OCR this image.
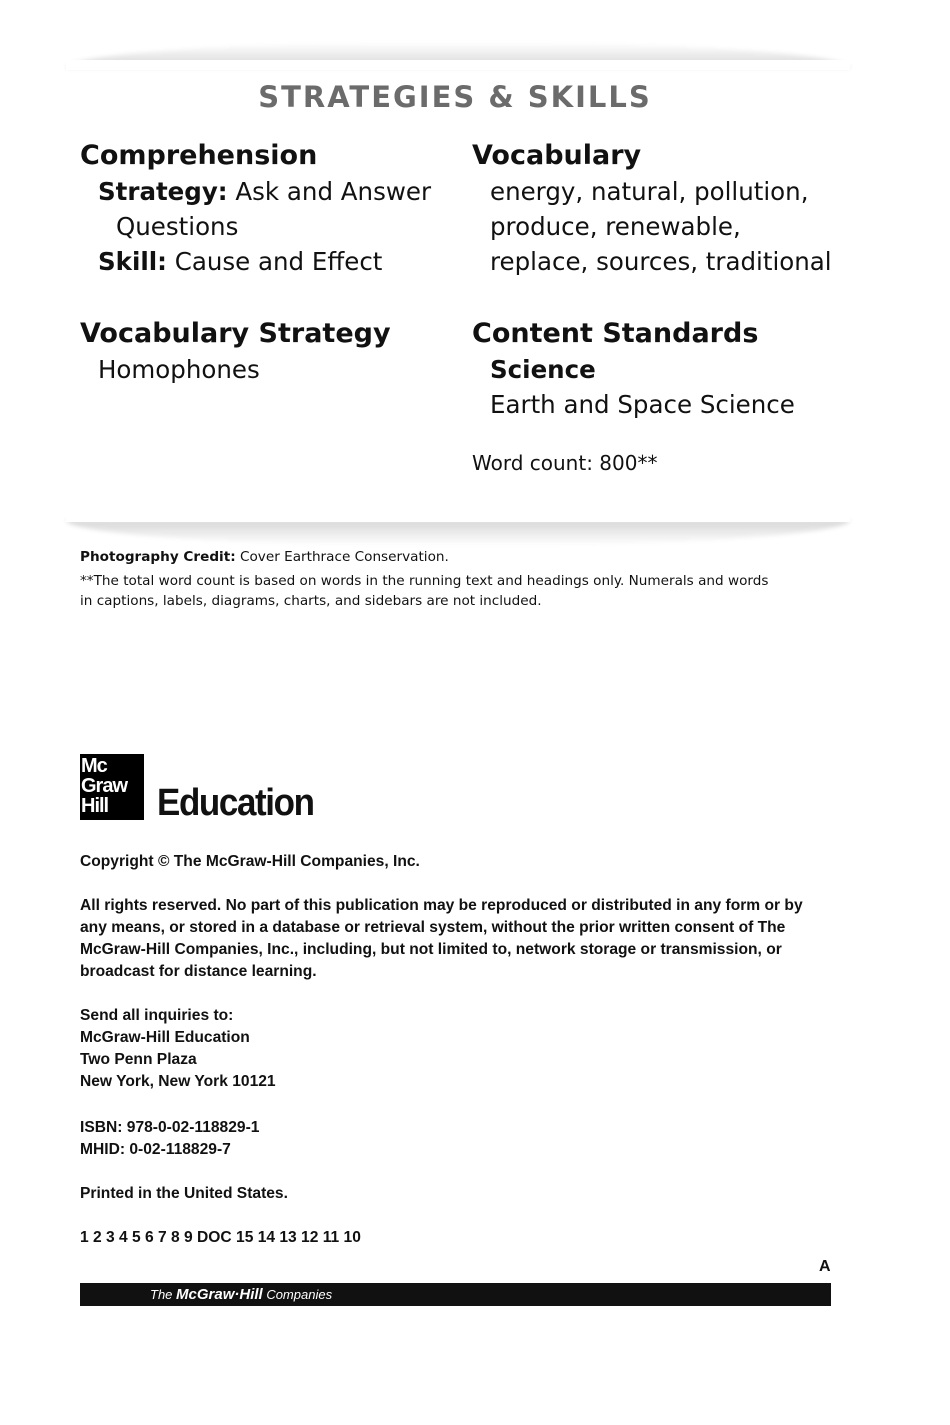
STRATEGIES & SKILLS
Comprehension
Strategy: Ask and Answer
Questions
Skill: Cause and Effect
Vocabulary
energy, natural, pollution,
produce, renewable,
replace, sources, traditional
Vocabulary Strategy
Homophones
Content Standards
Science
Earth and Space Science
Word count: 800**
Photography Credit: Cover Earthrace Conservation.
**The total word count is based on words in the running text and headings only. Numerals and words
in captions, labels, diagrams, charts, and sidebars are not included.
Mc
Graw
Hill	Education
Copyright © The McGraw-Hill Companies, Inc.
All rights reserved. No part of this publication may be reproduced or distributed in any form or by
any means, or stored in a database or retrieval system, without the prior written consent of The
McGraw-Hill Companies, Inc., including, but not limited to, network storage or transmission, or
broadcast for distance learning.
Send all inquiries to:
McGraw-Hill Education
Two Penn Plaza
New York, New York 10121
ISBN: 978-0-02-118829-1
MHID: 0-02-118829-7
Printed in the United States.
1 2 3 4 5 6 7 8 9 DOC 15 14 13 12 11 10
A
The McGraw·Hill Companies
